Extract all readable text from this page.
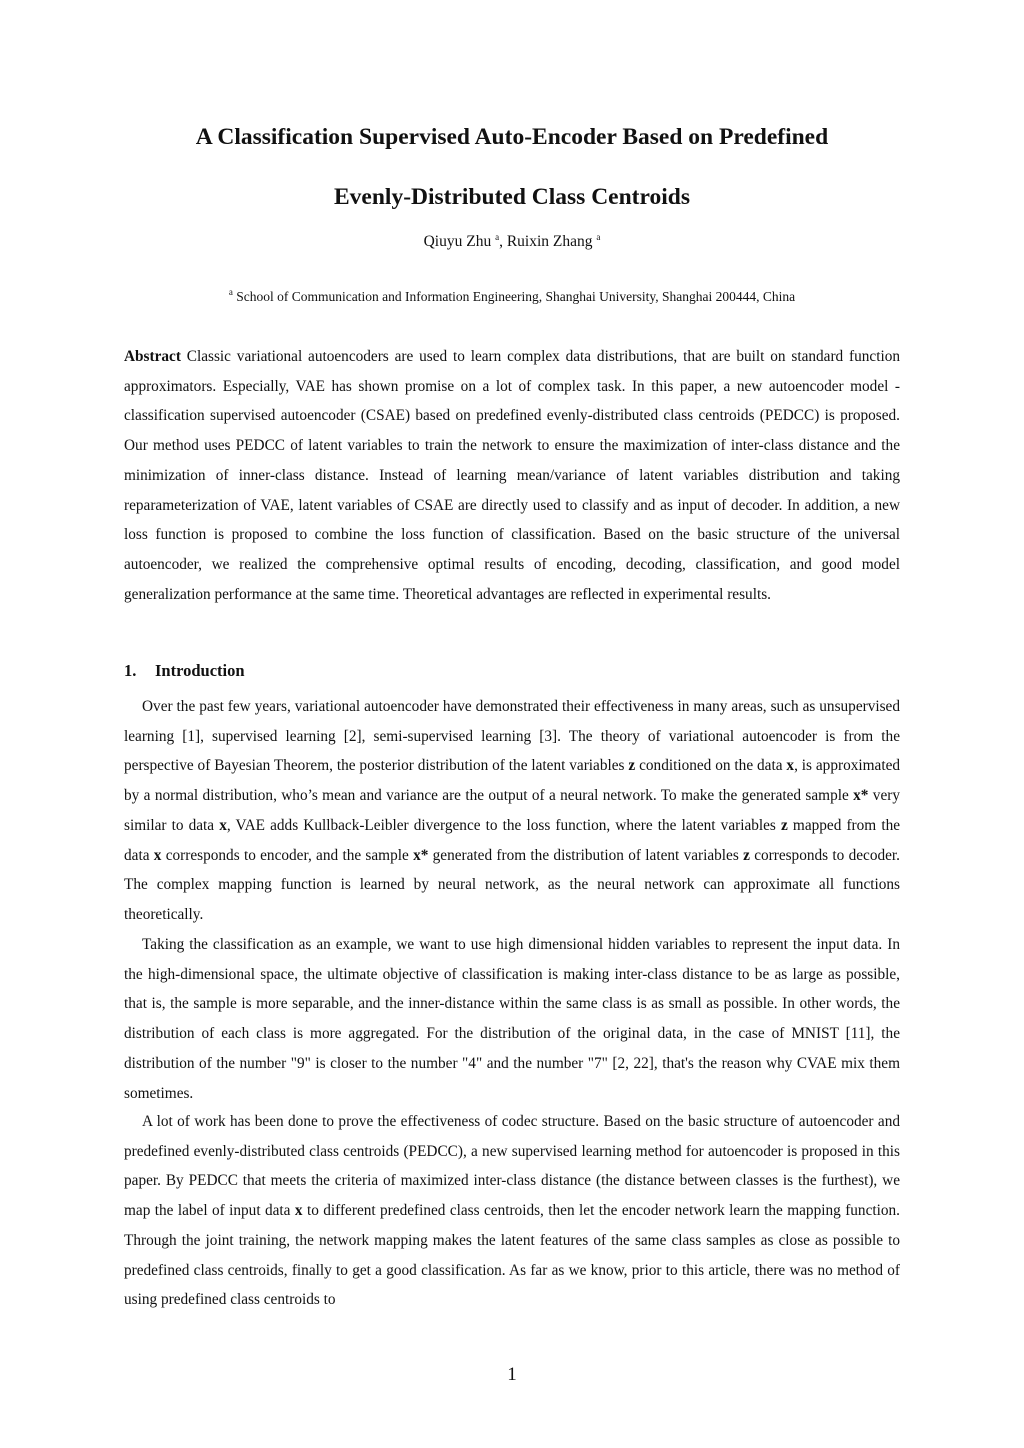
A Classification Supervised Auto-Encoder Based on Predefined
Evenly-Distributed Class Centroids
Qiuyu Zhu $^a$, Ruixin Zhang $^a$
$^a$ School of Communication and Information Engineering, Shanghai University, Shanghai 200444, China

Abstract Classic variational autoencoders are used to learn complex data distributions, that are built on standard function approximators. Especially, VAE has shown promise on a lot of complex task. In this paper, a new autoencoder model - classification supervised autoencoder (CSAE) based on predefined evenly-distributed class centroids (PEDCC) is proposed. Our method uses PEDCC of latent variables to train the network to ensure the maximization of inter-class distance and the minimization of inner-class distance. Instead of learning mean/variance of latent variables distribution and taking reparameterization of VAE, latent variables of CSAE are directly used to classify and as input of decoder. In addition, a new loss function is proposed to combine the loss function of classification. Based on the basic structure of the universal autoencoder, we realized the comprehensive optimal results of encoding, decoding, classification, and good model generalization performance at the same time. Theoretical advantages are reflected in experimental results.

1. Introduction

Over the past few years, variational autoencoder have demonstrated their effectiveness in many areas, such as unsupervised learning [1], supervised learning [2], semi-supervised learning [3]. The theory of variational autoencoder is from the perspective of Bayesian Theorem, the posterior distribution of the latent variables z conditioned on the data x, is approximated by a normal distribution, who’s mean and variance are the output of a neural network. To make the generated sample x* very similar to data x, VAE adds Kullback-Leibler divergence to the loss function, where the latent variables z mapped from the data x corresponds to encoder, and the sample x* generated from the distribution of latent variables z corresponds to decoder. The complex mapping function is learned by neural network, as the neural network can approximate all functions theoretically.

Taking the classification as an example, we want to use high dimensional hidden variables to represent the input data. In the high-dimensional space, the ultimate objective of classification is making inter-class distance to be as large as possible, that is, the sample is more separable, and the inner-distance within the same class is as small as possible. In other words, the distribution of each class is more aggregated. For the distribution of the original data, in the case of MNIST [11], the distribution of the number "9" is closer to the number "4" and the number "7" [2, 22], that's the reason why CVAE mix them sometimes.

A lot of work has been done to prove the effectiveness of codec structure. Based on the basic structure of autoencoder and predefined evenly-distributed class centroids (PEDCC), a new supervised learning method for autoencoder is proposed in this paper. By PEDCC that meets the criteria of maximized inter-class distance (the distance between classes is the furthest), we map the label of input data x to different predefined class centroids, then let the encoder network learn the mapping function. Through the joint training, the network mapping makes the latent features of the same class samples as close as possible to predefined class centroids, finally to get a good classification. As far as we know, prior to this article, there was no method of using predefined class centroids to

1
